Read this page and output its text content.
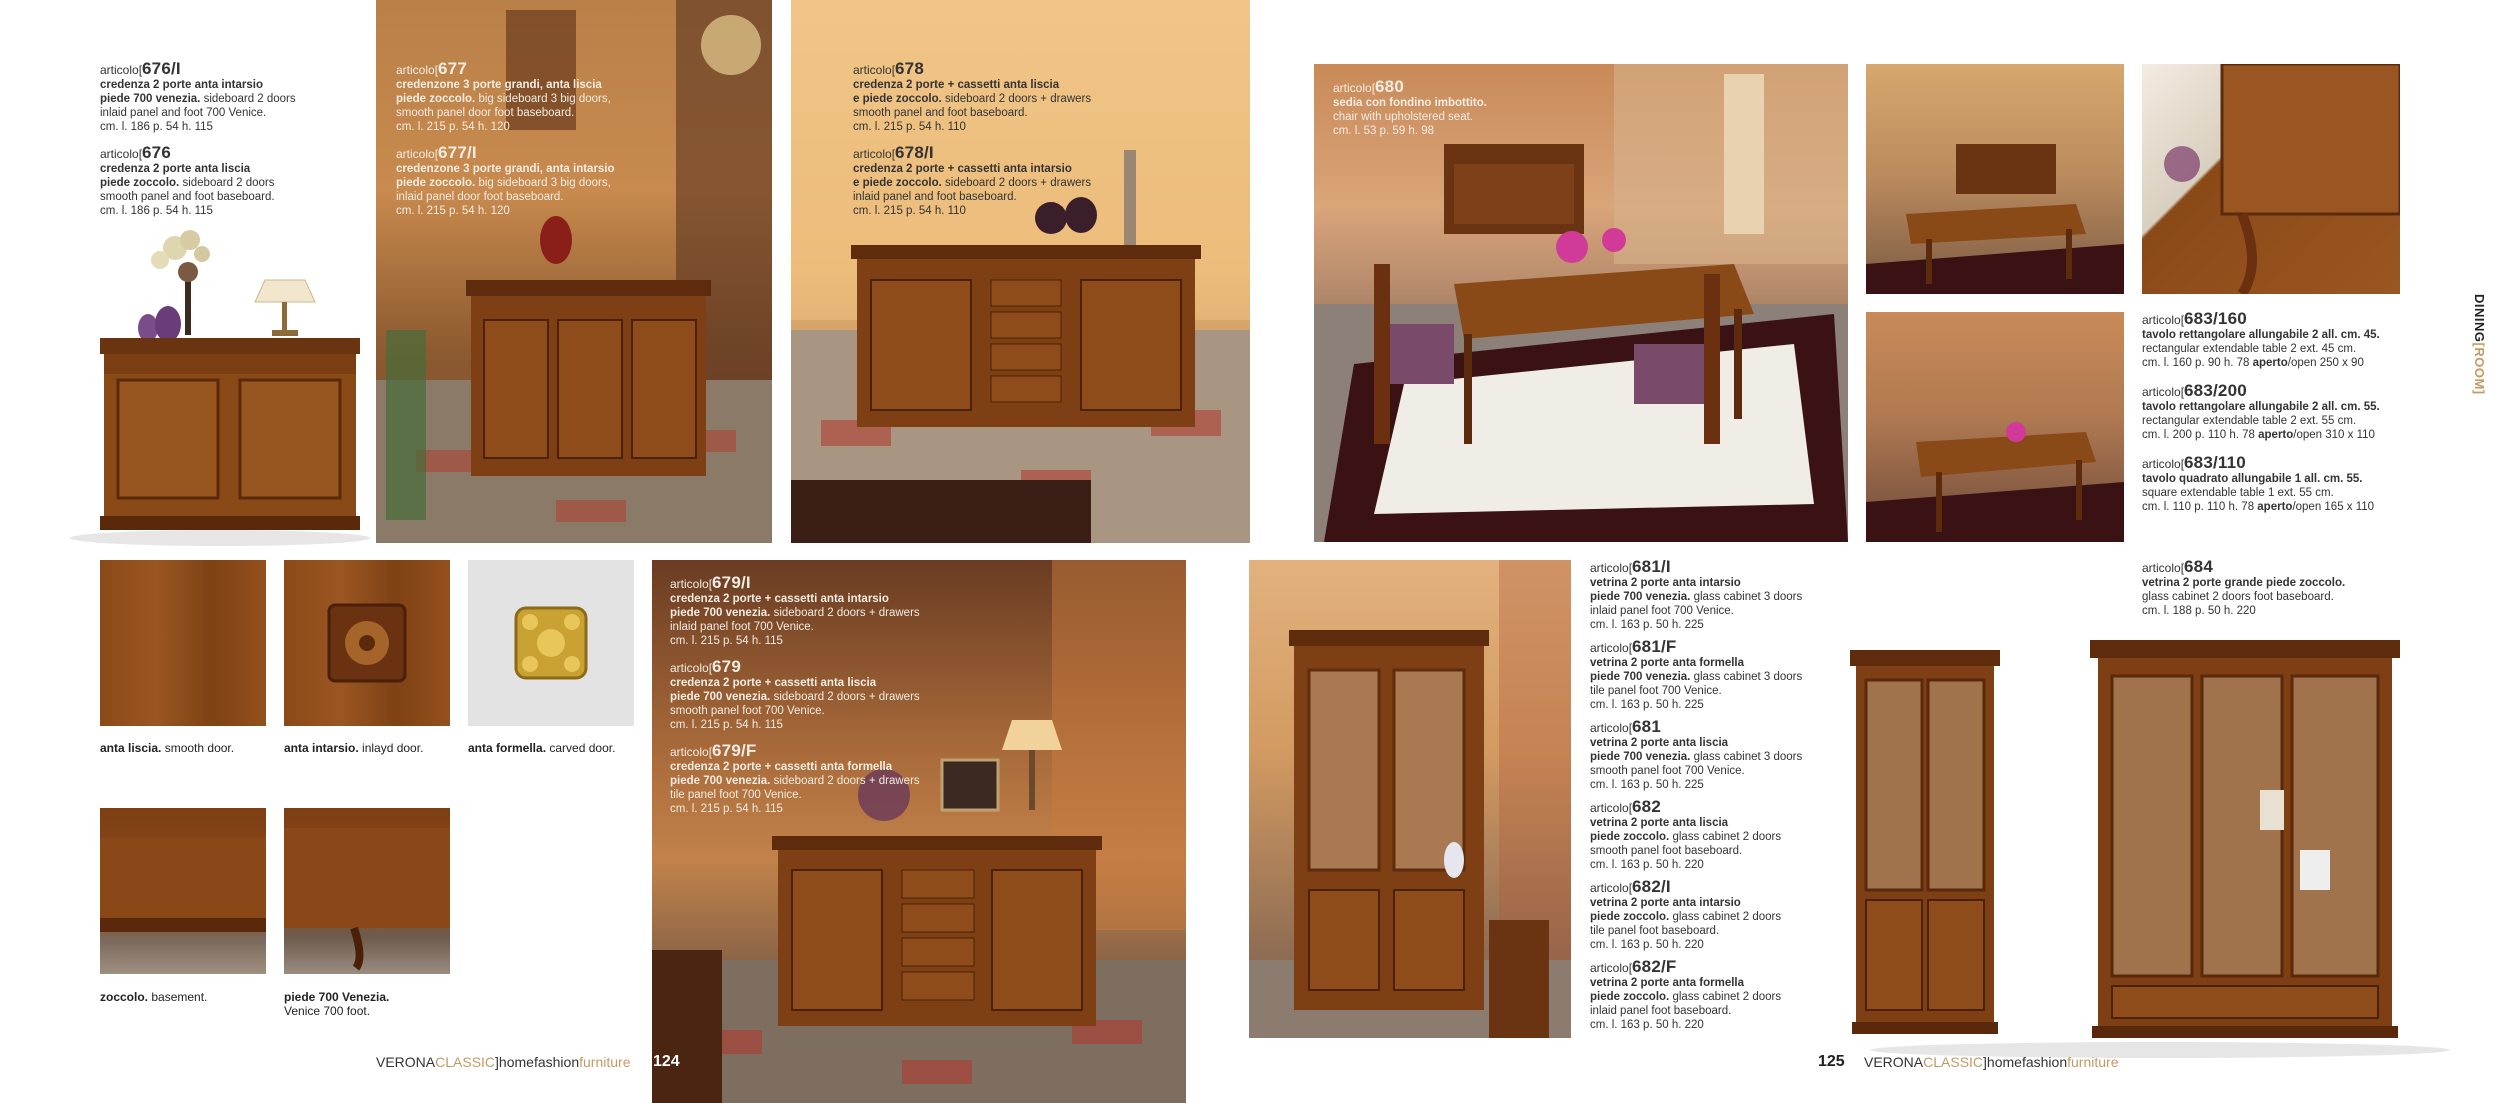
articolo[676/I
credenza 2 porte anta intarsio
piede 700 venezia. sideboard 2 doors
inlaid panel and foot 700 Venice.
cm. l. 186 p. 54 h. 115
articolo[676
credenza 2 porte anta liscia
piede zoccolo. sideboard 2 doors
smooth panel and foot baseboard.
cm. l. 186 p. 54 h. 115
articolo[677
credenzone 3 porte grandi, anta liscia
piede zoccolo. big sideboard 3 big doors,
smooth panel door foot baseboard.
cm. l. 215 p. 54 h. 120
articolo[677/I
credenzone 3 porte grandi, anta intarsio
piede zoccolo. big sideboard 3 big doors,
inlaid panel door foot baseboard.
cm. l. 215 p. 54 h. 120
articolo[678
credenza 2 porte + cassetti anta liscia
e piede zoccolo. sideboard 2 doors + drawers
smooth panel and foot baseboard.
cm. l. 215 p. 54 h. 110
articolo[678/I
credenza 2 porte + cassetti anta intarsio
e piede zoccolo. sideboard 2 doors + drawers
inlaid panel and foot baseboard.
cm. l. 215 p. 54 h. 110
anta liscia. smooth door.	anta intarsio. inlayd door.	anta formella. carved door.
zoccolo. basement.	piede 700 Venezia.
Venice 700 foot.
articolo[679/I
credenza 2 porte + cassetti anta intarsio
piede 700 venezia. sideboard 2 doors + drawers
inlaid panel foot 700 Venice.
cm. l. 215 p. 54 h. 115
articolo[679
credenza 2 porte + cassetti anta liscia
piede 700 venezia. sideboard 2 doors + drawers
smooth panel foot 700 Venice.
cm. l. 215 p. 54 h. 115
articolo[679/F
credenza 2 porte + cassetti anta formella
piede 700 venezia. sideboard 2 doors + drawers
tile panel foot 700 Venice.
cm. l. 215 p. 54 h. 115
VERONACLASSIC]homefashionfurniture 124
articolo[680
sedia con fondino imbottito.
chair with upholstered seat.
cm. l. 53 p. 59 h. 98
articolo[683/160
tavolo rettangolare allungabile 2 all. cm. 45.
rectangular extendable table 2 ext. 45 cm.
cm. l. 160 p. 90 h. 78 aperto/open 250 x 90
articolo[683/200
tavolo rettangolare allungabile 2 all. cm. 55.
rectangular extendable table 2 ext. 55 cm.
cm. l. 200 p. 110 h. 78 aperto/open 310 x 110
articolo[683/110
tavolo quadrato allungabile 1 all. cm. 55.
square extendable table 1 ext. 55 cm.
cm. l. 110 p. 110 h. 78 aperto/open 165 x 110
DINING[ROOM]
articolo[681/I
vetrina 2 porte anta intarsio
piede 700 venezia. glass cabinet 3 doors
inlaid panel foot 700 Venice.
cm. l. 163 p. 50 h. 225
articolo[681/F
vetrina 2 porte anta formella
piede 700 venezia. glass cabinet 3 doors
tile panel foot 700 Venice.
cm. l. 163 p. 50 h. 225
articolo[681
vetrina 2 porte anta liscia
piede 700 venezia. glass cabinet 3 doors
smooth panel foot 700 Venice.
cm. l. 163 p. 50 h. 225
articolo[682
vetrina 2 porte anta liscia
piede zoccolo. glass cabinet 2 doors
smooth panel foot baseboard.
cm. l. 163 p. 50 h. 220
articolo[682/I
vetrina 2 porte anta intarsio
piede zoccolo. glass cabinet 2 doors
tile panel foot baseboard.
cm. l. 163 p. 50 h. 220
articolo[682/F
vetrina 2 porte anta formella
piede zoccolo. glass cabinet 2 doors
inlaid panel foot baseboard.
cm. l. 163 p. 50 h. 220
articolo[684
vetrina 2 porte grande piede zoccolo.
glass cabinet 2 doors foot baseboard.
cm. l. 188 p. 50 h. 220
125 VERONACLASSIC]homefashionfurniture
